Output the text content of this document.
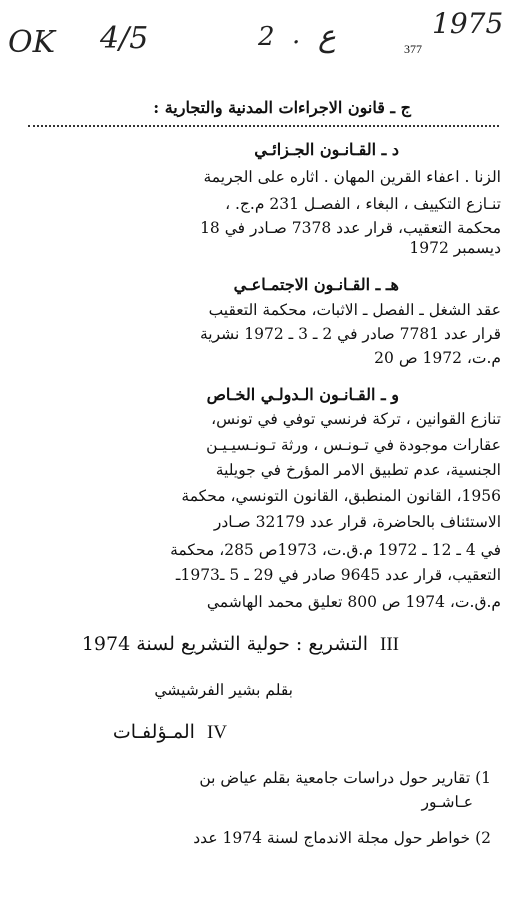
OK 4/5	2 . ع	1975
377
ج ـ قانون الاجراءات المدنية والتجارية :
د ـ القـانـون الجـزائـي
الزنا . اعفاء القرين المهان . اثاره على الجريمة
تنـازع التكييف ، البغاء ، الفصـل 231 م.ج. ،
محكمة التعقيب، قرار عدد 7378 صـادر في 18
ديسمبر 1972
هـ ـ القـانـون الاجتمـاعـي
عقد الشغل ـ الفصل ـ الاثبات، محكمة التعقيب
قرار عدد 7781 صادر في 2 ـ 3 ـ 1972 نشرية
م.ت، 1972 ص 20
و ـ القـانـون الـدولـي الخـاص
تنازع القوانين ، تركة فرنسي توفي في تونس،
عقارات موجودة في تـونـس ، ورثة تـونـسيـيـن
الجنسية، عدم تطبيق الامر المؤرخ في جويلية
1956، القانون المنطبق، القانون التونسي، محكمة
الاستئناف بالحاضرة، قرار عدد 32179 صـادر
في 4 ـ 12 ـ 1972 م.ق.ت، 1973ص 285، محكمة
التعقيب، قرار عدد 9645 صادر في 29 ـ 5 ـ1973ـ
م.ق.ت، 1974 ص 800 تعليق محمد الهاشمي
التشريع : حولية التشريع لسنة 1974 III
بقلم بشير الفرشيشي
المـؤلفـات IV
1) تقارير حول دراسات جامعية بقلم عياض بن
عـاشـور
2) خواطر حول مجلة الاندماج لسنة 1974 عدد
